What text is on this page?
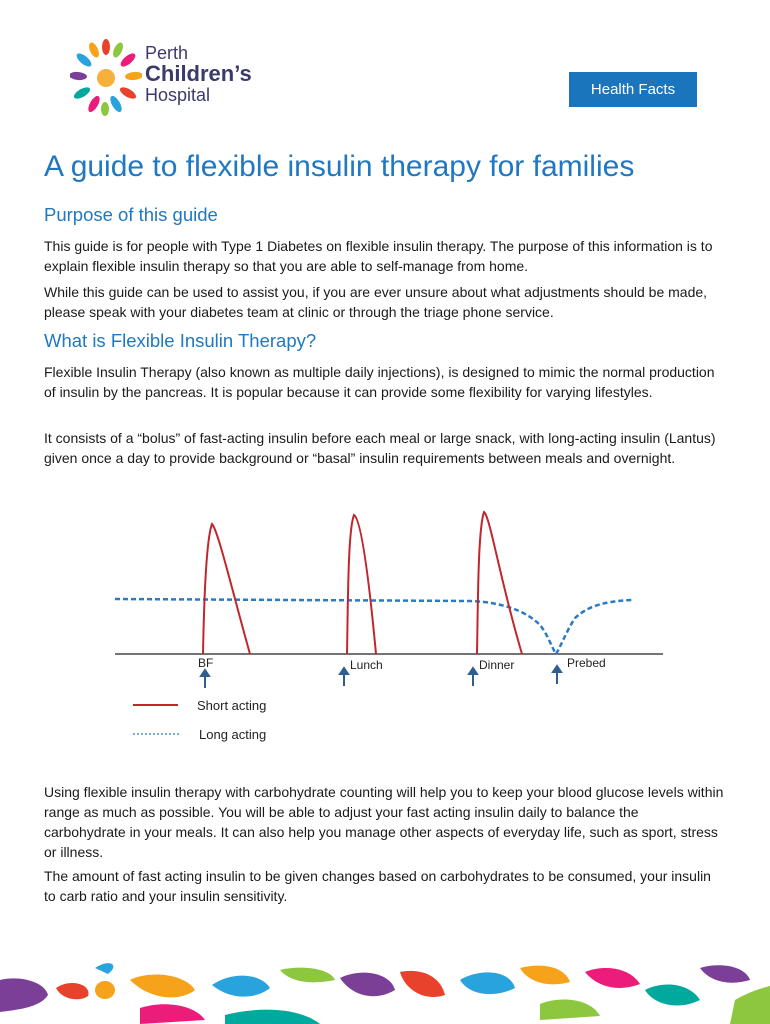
Perth
Children’s
Hospital	Health Facts
A guide to flexible insulin therapy for families
Purpose of this guide

This guide is for people with Type 1 Diabetes on flexible insulin therapy. The purpose of this information is to explain flexible insulin therapy so that you are able to self-manage from home.

While this guide can be used to assist you, if you are ever unsure about what adjustments should be made, please speak with your diabetes team at clinic or through the triage phone service.

What is Flexible Insulin Therapy?

Flexible Insulin Therapy (also known as multiple daily injections), is designed to mimic the normal production of insulin by the pancreas. It is popular because it can provide some flexibility for varying lifestyles.

It consists of a “bolus” of fast-acting insulin before each meal or large snack, with long-acting insulin (Lantus) given once a day to provide background or “basal” insulin requirements between meals and overnight.

BF	Lunch	Dinner	Prebed
Short acting
Long acting

Using flexible insulin therapy with carbohydrate counting will help you to keep your blood glucose levels within range as much as possible. You will be able to adjust your fast acting insulin daily to balance the carbohydrate in your meals. It can also help you manage other aspects of everyday life, such as sport, stress or illness.

The amount of fast acting insulin to be given changes based on carbohydrates to be consumed, your insulin to carb ratio and your insulin sensitivity.
